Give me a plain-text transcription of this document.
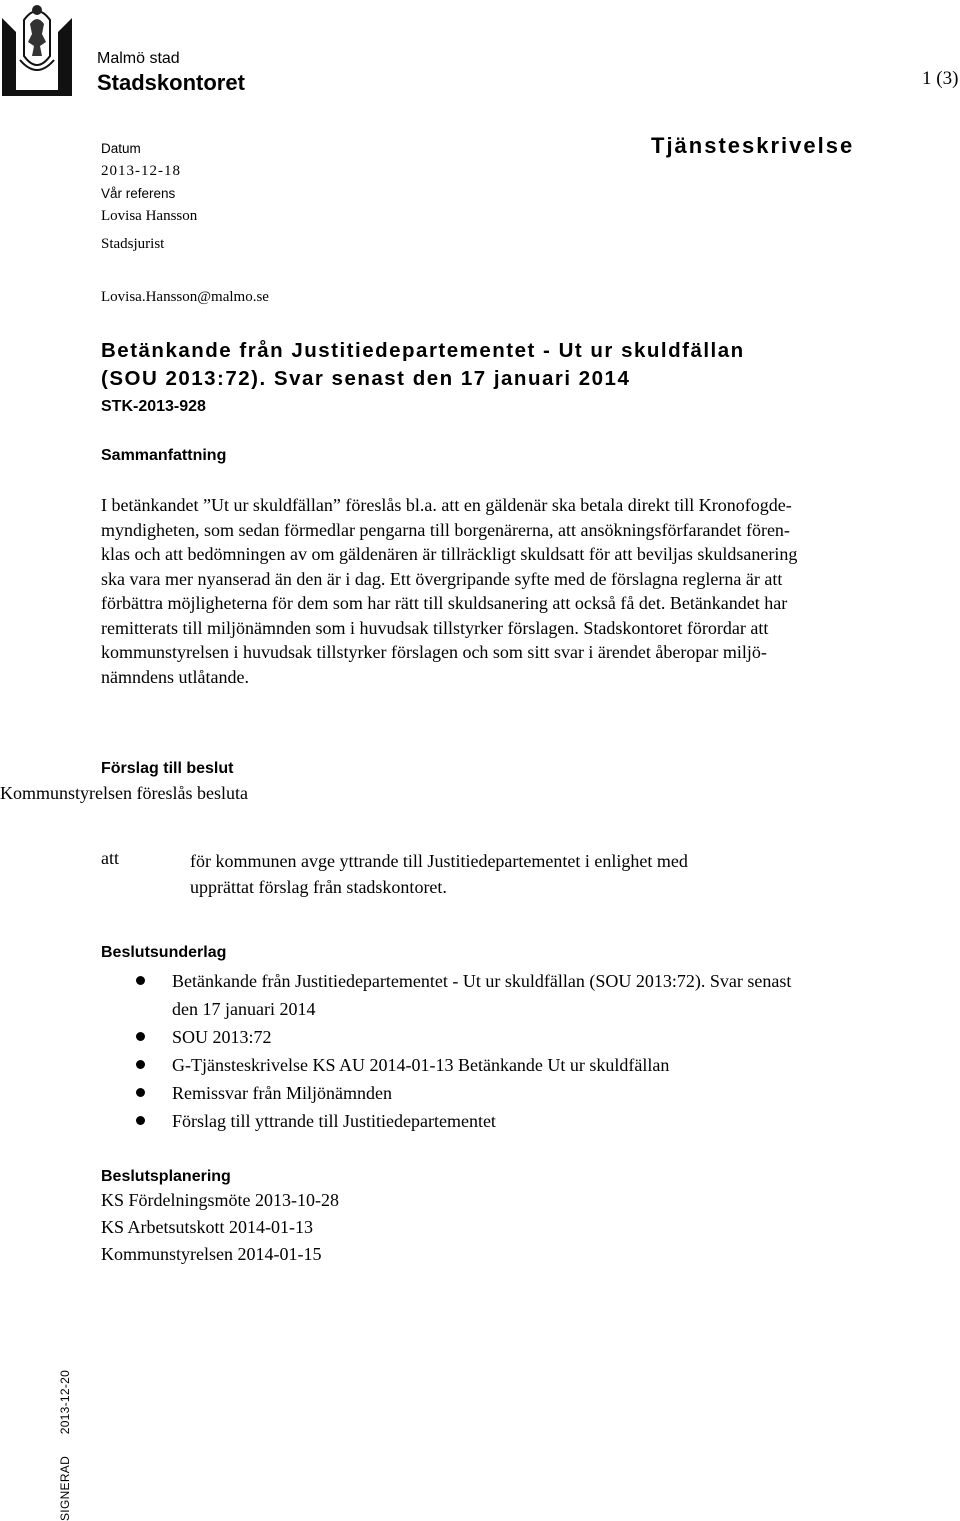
Malmö stad
Stadskontoret	1 (3)
Tjänsteskrivelse
Datum
2013-12-18
Vår referens
Lovisa Hansson
Stadsjurist
Lovisa.Hansson@malmo.se
Betänkande från Justitiedepartementet - Ut ur skuldfällan
(SOU 2013:72). Svar senast den 17 januari 2014
STK-2013-928
Sammanfattning
I betänkandet ”Ut ur skuldfällan” föreslås bl.a. att en gäldenär ska betala direkt till Kronofogde-
myndigheten, som sedan förmedlar pengarna till borgenärerna, att ansökningsförfarandet fören-
klas och att bedömningen av om gäldenären är tillräckligt skuldsatt för att beviljas skuldsanering
ska vara mer nyanserad än den är i dag. Ett övergripande syfte med de förslagna reglerna är att
förbättra möjligheterna för dem som har rätt till skuldsanering att också få det. Betänkandet har
remitterats till miljönämnden som i huvudsak tillstyrker förslagen. Stadskontoret förordar att
kommunstyrelsen i huvudsak tillstyrker förslagen och som sitt svar i ärendet åberopar miljö-
nämndens utlåtande.
Förslag till beslut
Kommunstyrelsen föreslås besluta
att	för kommunen avge yttrande till Justitiedepartementet i enlighet med
upprättat förslag från stadskontoret.
Beslutsunderlag
Betänkande från Justitiedepartementet - Ut ur skuldfällan (SOU 2013:72). Svar senast
den 17 januari 2014
SOU 2013:72
G-Tjänsteskrivelse KS AU 2014-01-13 Betänkande Ut ur skuldfällan
Remissvar från Miljönämnden
Förslag till yttrande till Justitiedepartementet
Beslutsplanering
KS Fördelningsmöte 2013-10-28
KS Arbetsutskott 2014-01-13
Kommunstyrelsen 2014-01-15
SIGNERAD 2013-12-20
